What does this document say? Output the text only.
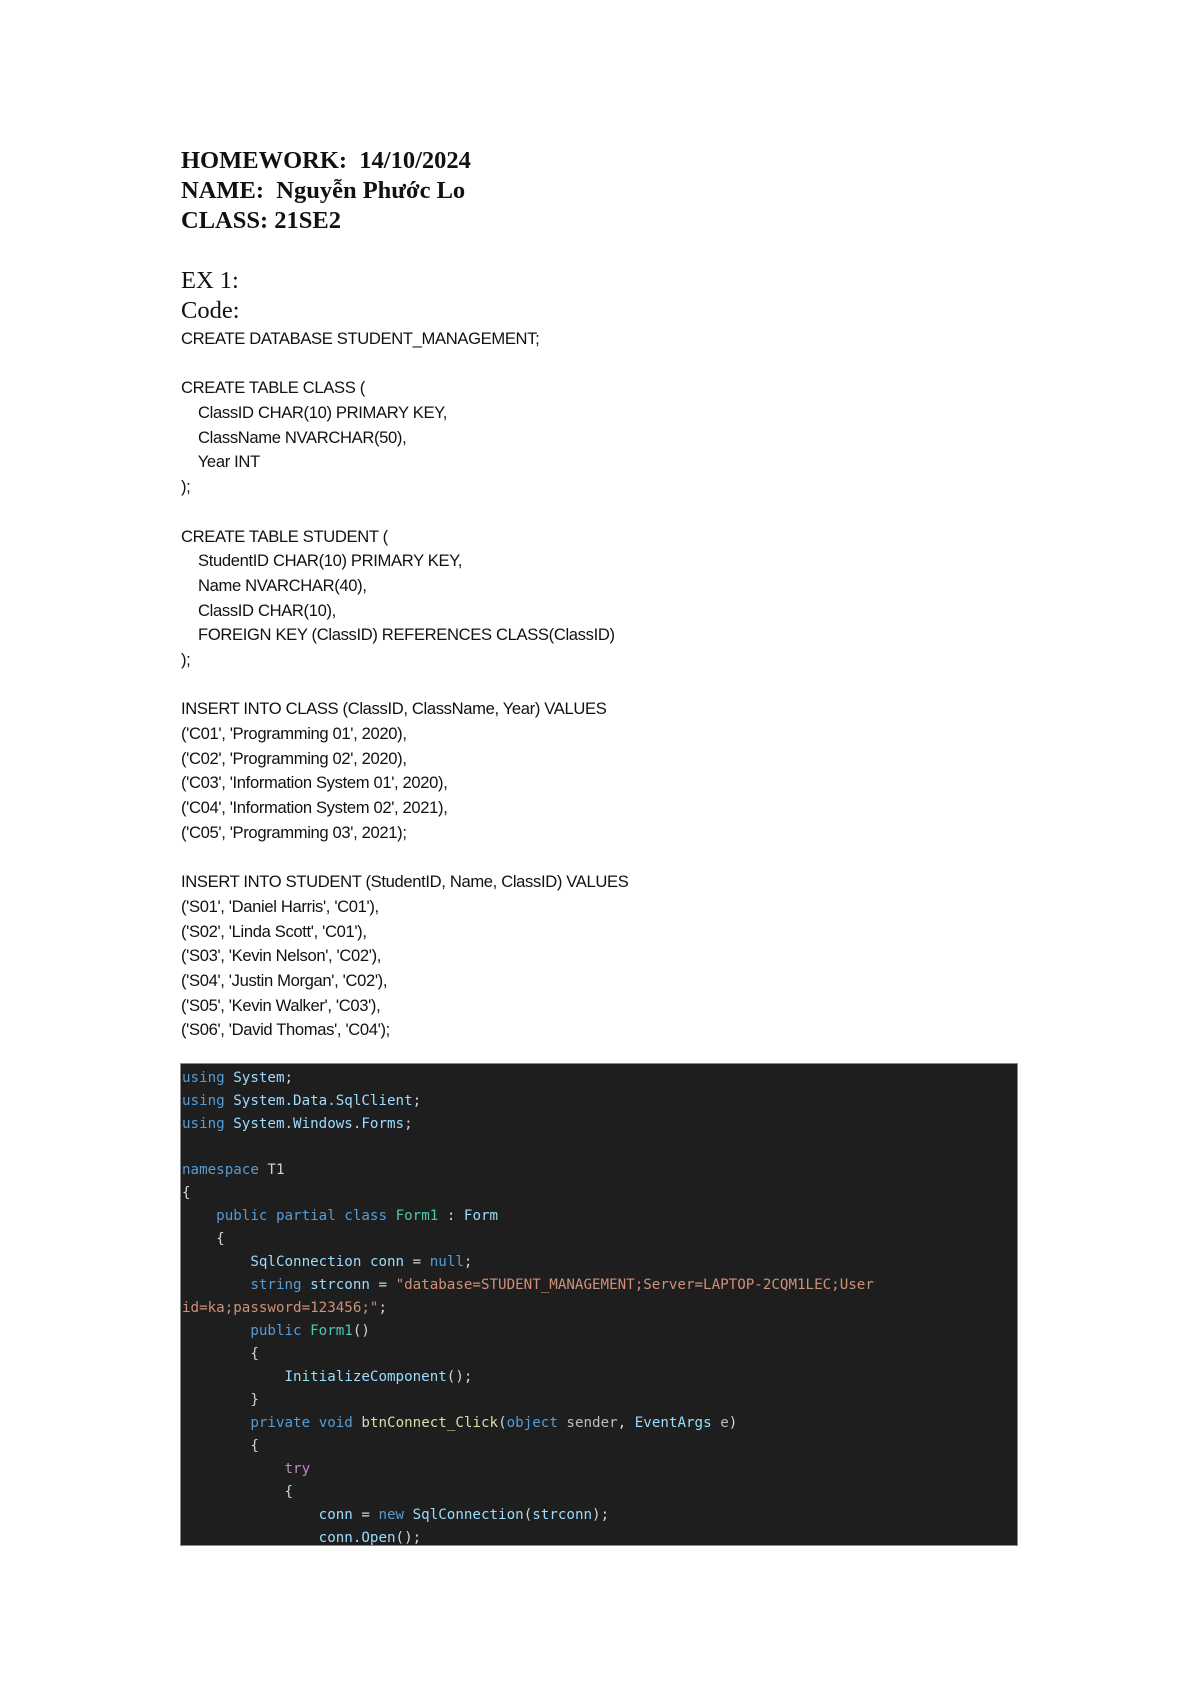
HOMEWORK: 14/10/2024
NAME: Nguyễn Phước Lo
CLASS: 21SE2
EX 1:
Code:
CREATE DATABASE STUDENT_MANAGEMENT;
CREATE TABLE CLASS (
ClassID CHAR(10) PRIMARY KEY,
ClassName NVARCHAR(50),
Year INT
);
CREATE TABLE STUDENT (
StudentID CHAR(10) PRIMARY KEY,
Name NVARCHAR(40),
ClassID CHAR(10),
FOREIGN KEY (ClassID) REFERENCES CLASS(ClassID)
);
INSERT INTO CLASS (ClassID, ClassName, Year) VALUES
('C01', 'Programming 01', 2020),
('C02', 'Programming 02', 2020),
('C03', 'Information System 01', 2020),
('C04', 'Information System 02', 2021),
('C05', 'Programming 03', 2021);
INSERT INTO STUDENT (StudentID, Name, ClassID) VALUES
('S01', 'Daniel Harris', 'C01'),
('S02', 'Linda Scott', 'C01'),
('S03', 'Kevin Nelson', 'C02'),
('S04', 'Justin Morgan', 'C02'),
('S05', 'Kevin Walker', 'C03'),
('S06', 'David Thomas', 'C04');
using System;
using System.Data.SqlClient;
using System.Windows.Forms;

namespace T1
{
public partial class Form1 : Form
{
SqlConnection conn = null;
string strconn = "database=STUDENT_MANAGEMENT;Server=LAPTOP-2CQM1LEC;User
id=ka;password=123456;";
public Form1()
{
InitializeComponent();
}
private void btnConnect_Click(object sender, EventArgs e)
{
try
{
conn = new SqlConnection(strconn);
conn.Open();
